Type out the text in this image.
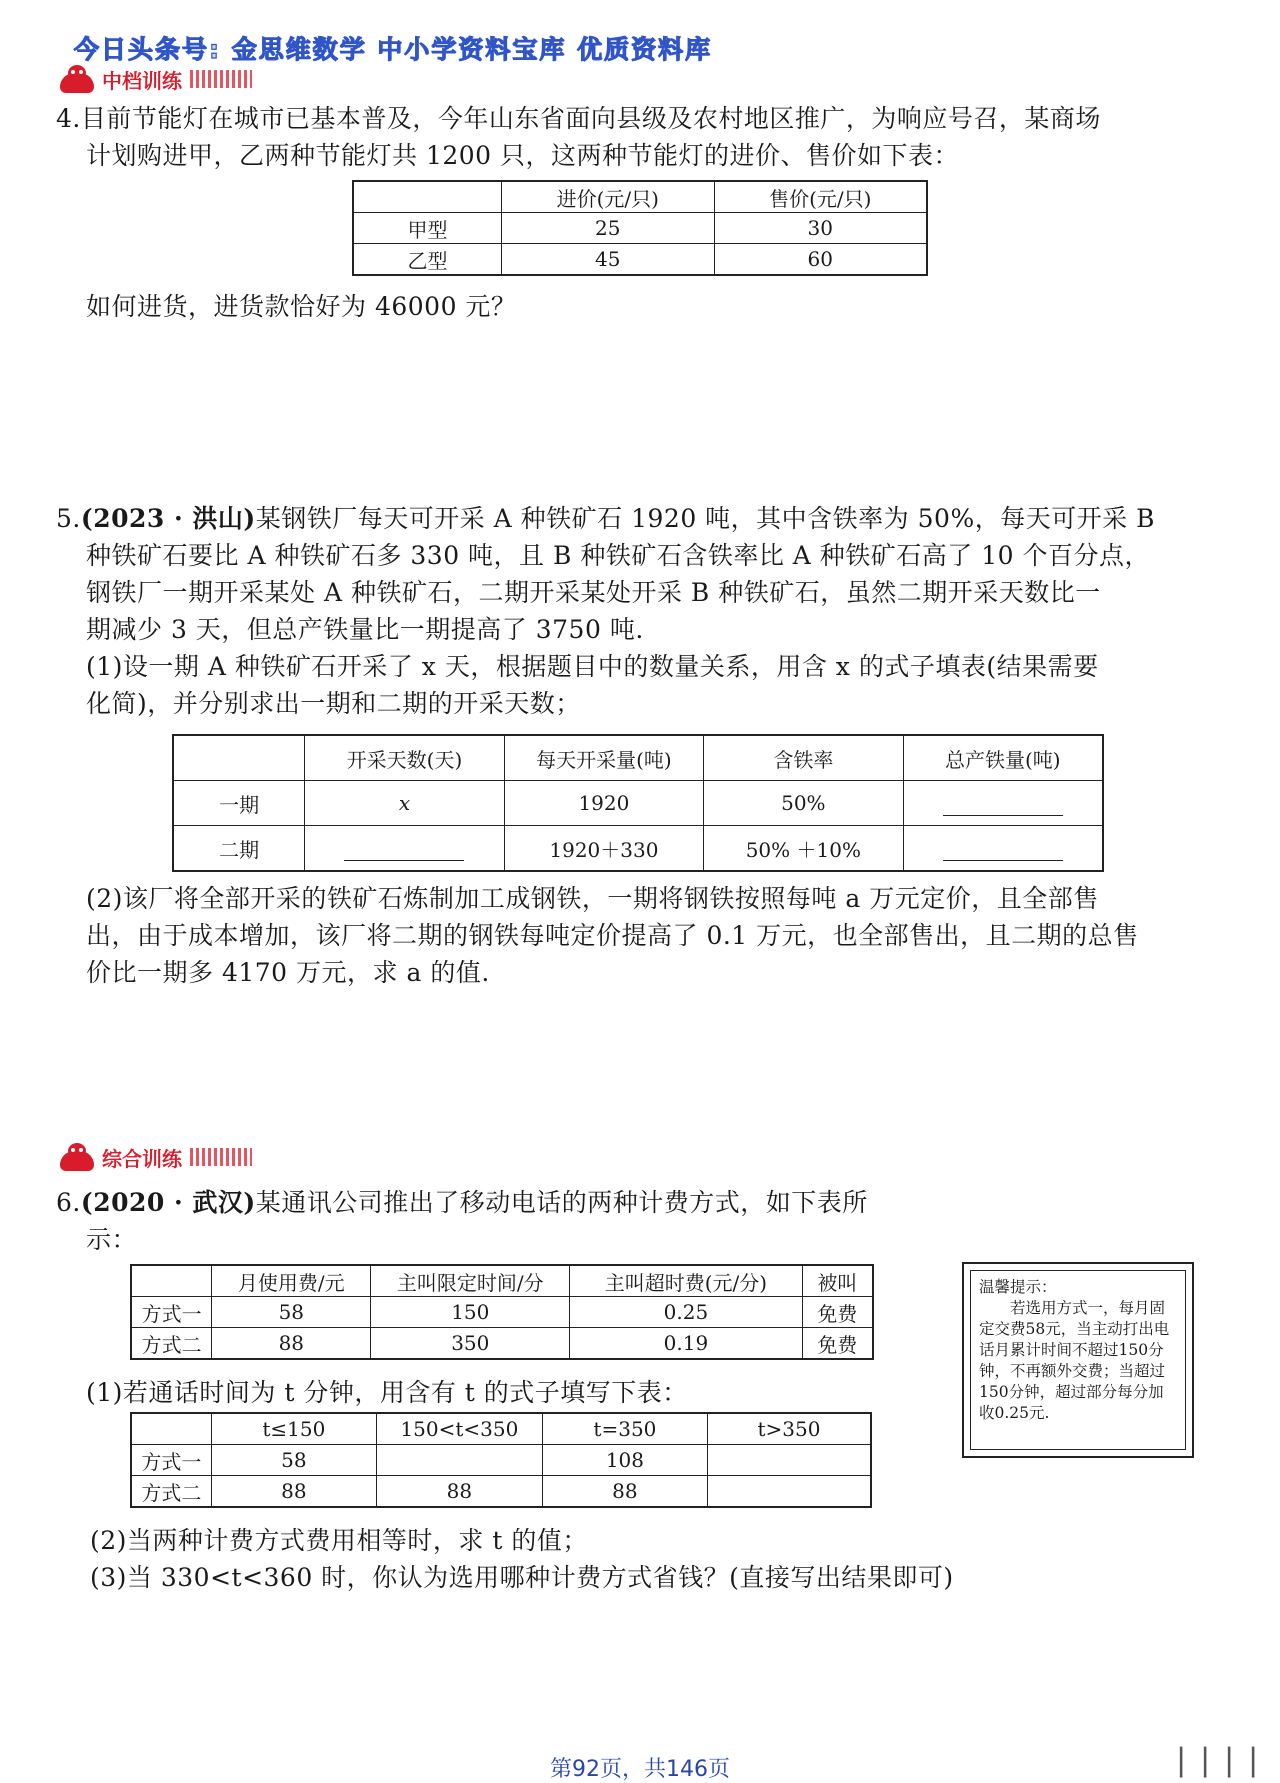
今日头条号: 金思维数学 中小学资料宝库 优质资料库
中档训练
4.目前节能灯在城市已基本普及，今年山东省面向县级及农村地区推广，为响应号召，某商场
计划购进甲，乙两种节能灯共 1200 只，这两种节能灯的进价、售价如下表：
	进价(元/只)	售价(元/只)
甲型	25	30
乙型	45	60
如何进货，进货款恰好为 46000 元？
5.(2023 · 洪山)某钢铁厂每天可开采 A 种铁矿石 1920 吨，其中含铁率为 50%，每天可开采 B
种铁矿石要比 A 种铁矿石多 330 吨，且 B 种铁矿石含铁率比 A 种铁矿石高了 10 个百分点，
钢铁厂一期开采某处 A 种铁矿石，二期开采某处开采 B 种铁矿石，虽然二期开采天数比一
期减少 3 天，但总产铁量比一期提高了 3750 吨.
(1)设一期 A 种铁矿石开采了 x 天，根据题目中的数量关系，用含 x 的式子填表(结果需要
化简)，并分别求出一期和二期的开采天数；
	开采天数(天)	每天开采量(吨)	含铁率	总产铁量(吨)
一期	x	1920	50%	
二期		1920＋330	50% ＋10%	
(2)该厂将全部开采的铁矿石炼制加工成钢铁，一期将钢铁按照每吨 a 万元定价，且全部售
出，由于成本增加，该厂将二期的钢铁每吨定价提高了 0.1 万元，也全部售出，且二期的总售
价比一期多 4170 万元，求 a 的值.
综合训练
6.(2020 · 武汉)某通讯公司推出了移动电话的两种计费方式，如下表所
示：
	月使用费/元	主叫限定时间/分	主叫超时费(元/分)	被叫
方式一	58	150	0.25	免费
方式二	88	350	0.19	免费
(1)若通话时间为 t 分钟，用含有 t 的式子填写下表：
	t≤150	150<t<350	t=350	t>350
方式一	58		108	
方式二	88	88	88	
(2)当两种计费方式费用相等时，求 t 的值；
(3)当 330<t<360 时，你认为选用哪种计费方式省钱？(直接写出结果即可)
温馨提示：
若选用方式一，每月固定交费58元，当主动打出电话月累计时间不超过150分钟，不再额外交费；当超过150分钟，超过部分每分加收0.25元.
第92页，共146页	▏▏▏▏
